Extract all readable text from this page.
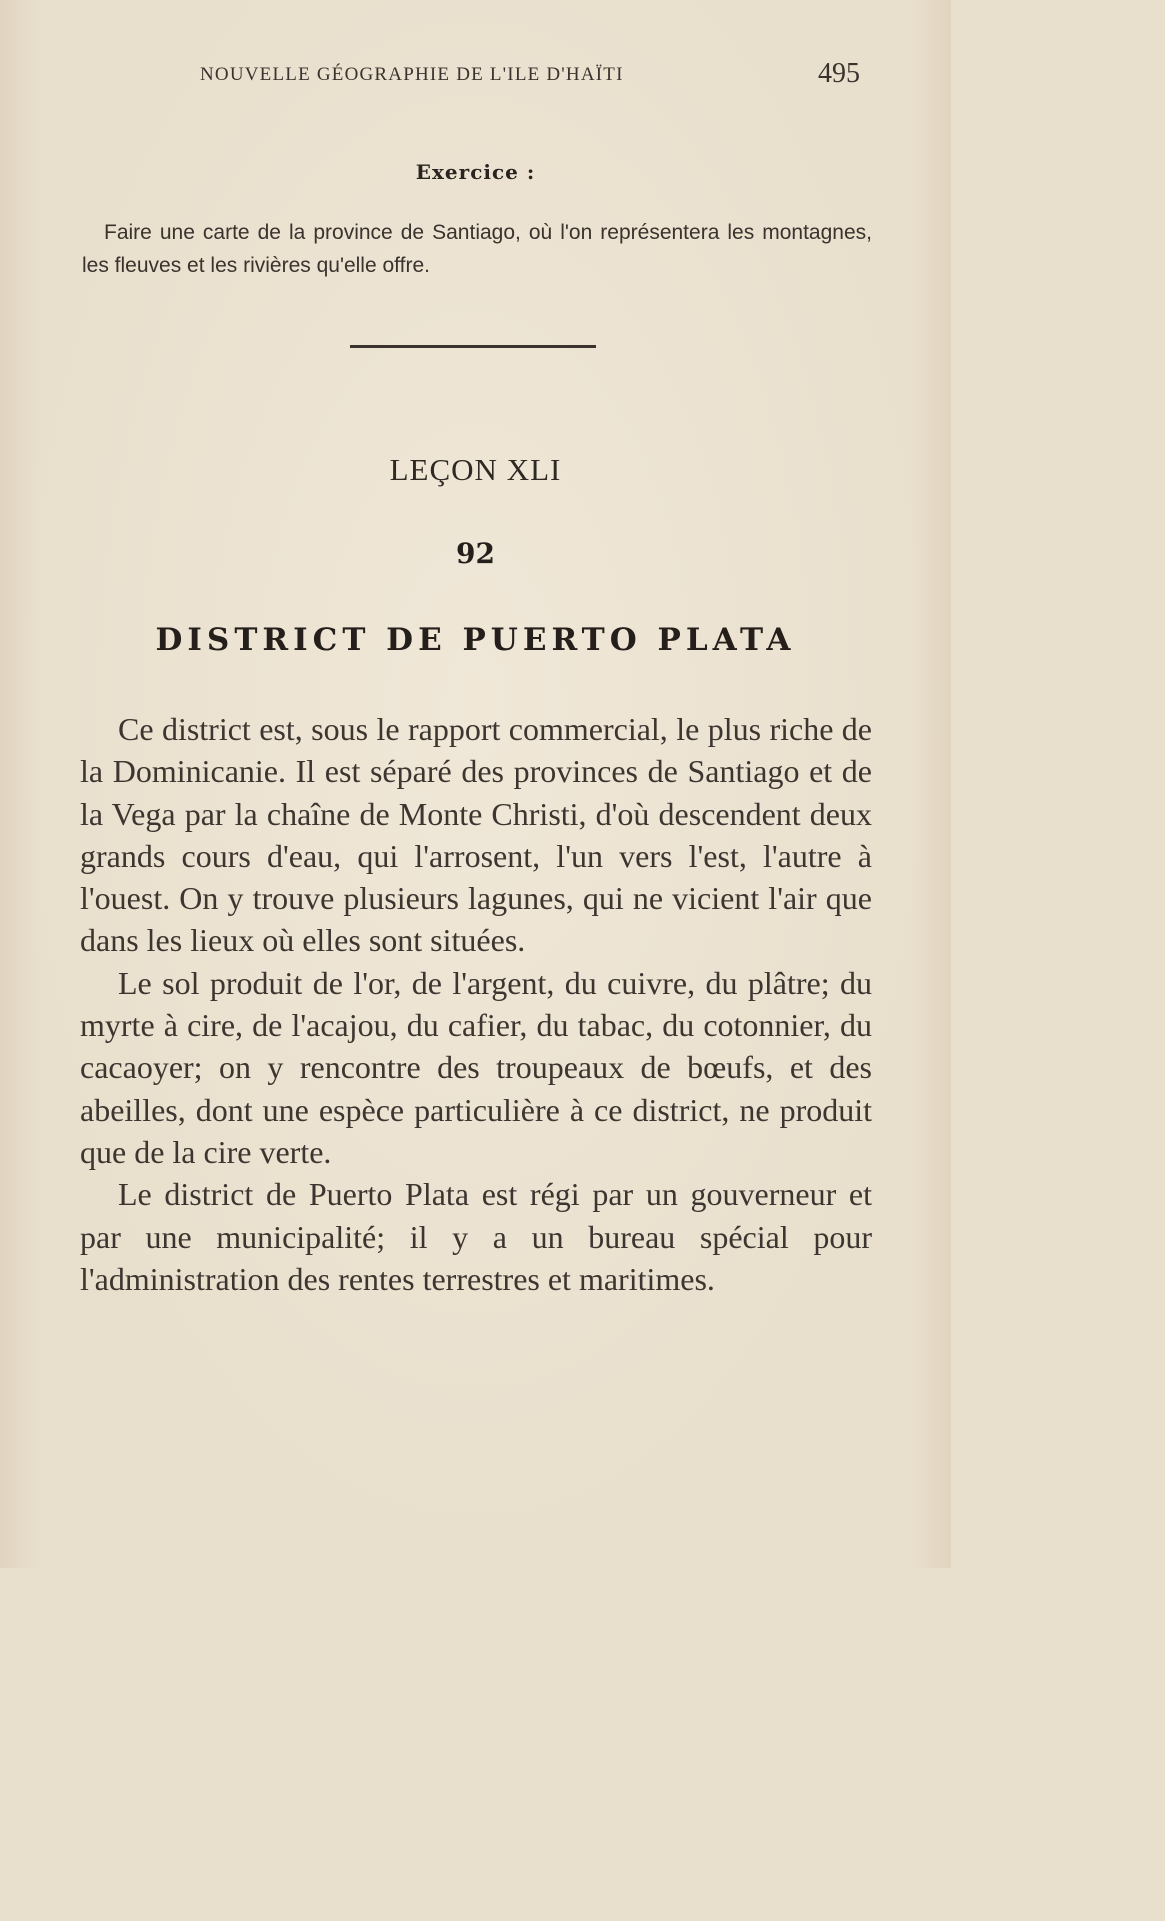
NOUVELLE GÉOGRAPHIE DE L'ILE D'HAÏTI	495
Exercice :
Faire une carte de la province de Santiago, où l'on représentera les montagnes, les fleuves et les rivières qu'elle offre.
LEÇON XLI
92
DISTRICT DE PUERTO PLATA

Ce district est, sous le rapport commercial, le plus riche de la Dominicanie. Il est séparé des provinces de Santiago et de la Vega par la chaîne de Monte Christi, d'où descendent deux grands cours d'eau, qui l'arrosent, l'un vers l'est, l'autre à l'ouest. On y trouve plusieurs lagunes, qui ne vicient l'air que dans les lieux où elles sont situées.

Le sol produit de l'or, de l'argent, du cuivre, du plâtre; du myrte à cire, de l'acajou, du cafier, du tabac, du cotonnier, du cacaoyer; on y rencontre des troupeaux de bœufs, et des abeilles, dont une espèce particulière à ce district, ne produit que de la cire verte.

Le district de Puerto Plata est régi par un gouverneur et par une municipalité; il y a un bureau spécial pour l'administration des rentes terrestres et maritimes.
